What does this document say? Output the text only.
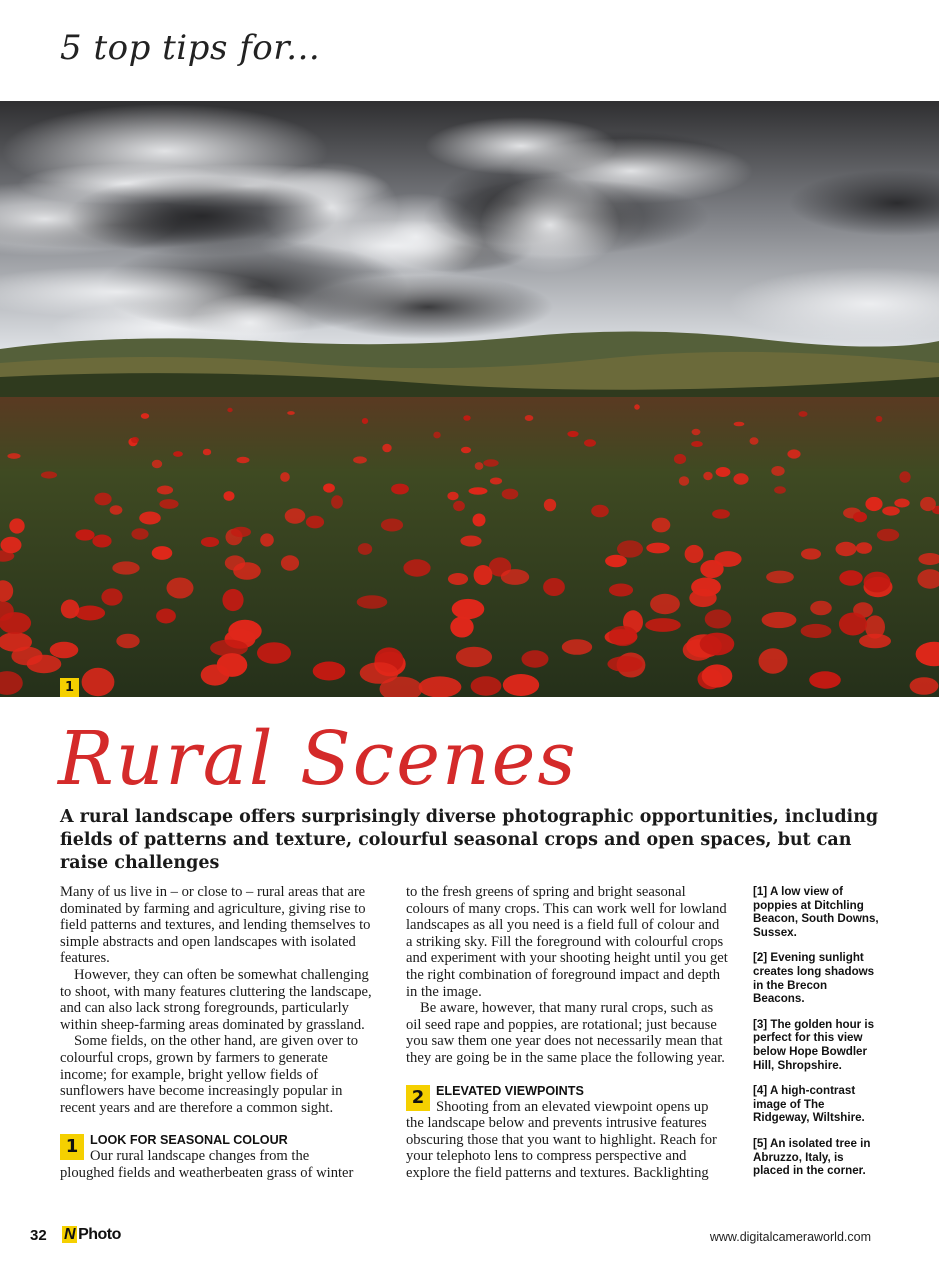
5 top tips for...
1
Rural Scenes
A rural landscape offers surprisingly diverse photographic opportunities, including fields of patterns and texture, colourful seasonal crops and open spaces, but can raise challenges

Many of us live in – or close to – rural areas that are dominated by farming and agriculture, giving rise to field patterns and textures, and lending themselves to simple abstracts and open landscapes with isolated features.

However, they can often be somewhat challenging to shoot, with many features cluttering the landscape, and can also lack strong foregrounds, particularly within sheep-farming areas dominated by grassland.

Some fields, on the other hand, are given over to colourful crops, grown by farmers to generate income; for example, bright yellow fields of sunflowers have become increasingly popular in recent years and are therefore a common sight.

1 LOOK FOR SEASONAL COLOUR
Our rural landscape changes from the
ploughed fields and weatherbeaten grass of winter

to the fresh greens of spring and bright seasonal colours of many crops. This can work well for lowland landscapes as all you need is a field full of colour and a striking sky. Fill the foreground with colourful crops and experiment with your shooting height until you get the right combination of foreground impact and depth in the image.

Be aware, however, that many rural crops, such as oil seed rape and poppies, are rotational; just because you saw them one year does not necessarily mean that they are going be in the same place the following year.

2 ELEVATED VIEWPOINTS
Shooting from an elevated viewpoint opens up
the landscape below and prevents intrusive features obscuring those that you want to highlight. Reach for your telephoto lens to compress perspective and explore the field patterns and textures. Backlighting

[1] A low view of poppies at Ditchling Beacon, South Downs, Sussex.

[2] Evening sunlight creates long shadows in the Brecon Beacons.

[3] The golden hour is perfect for this view below Hope Bowdler Hill, Shropshire.

[4] A high-contrast image of The Ridgeway, Wiltshire.

[5] An isolated tree in Abruzzo, Italy, is placed in the corner.

32 N Photo	www.digitalcameraworld.com
